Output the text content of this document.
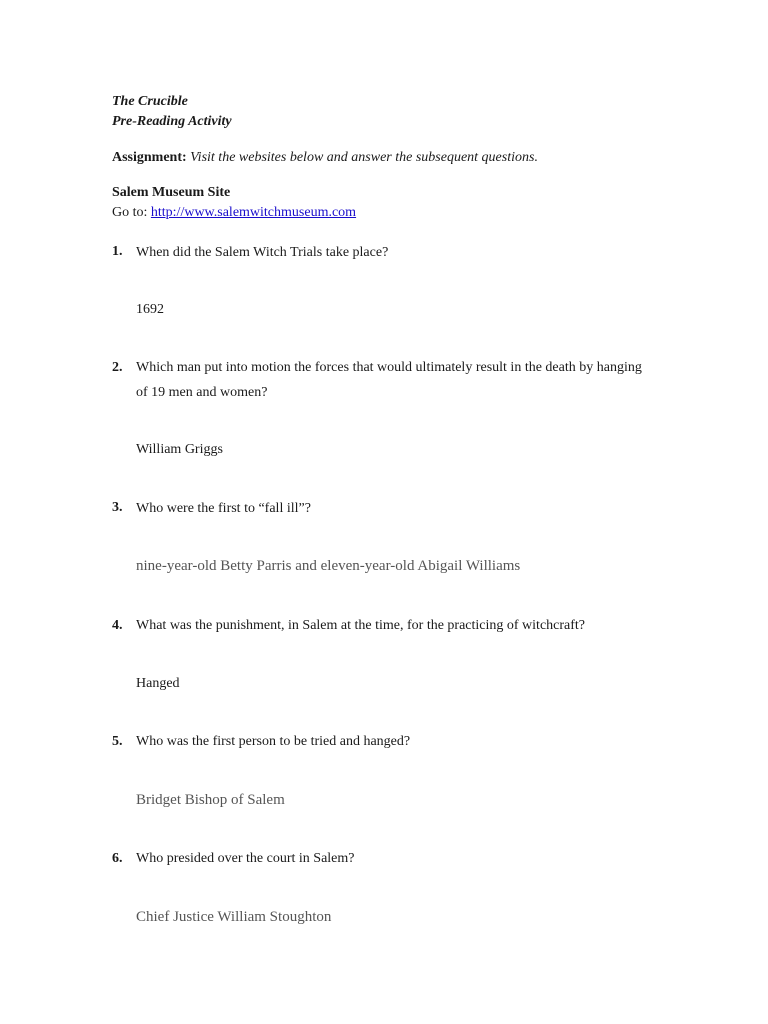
The Crucible
Pre-Reading Activity
Assignment: Visit the websites below and answer the subsequent questions.
Salem Museum Site
Go to: http://www.salemwitchmuseum.com
1. When did the Salem Witch Trials take place?
1692
2. Which man put into motion the forces that would ultimately result in the death by hanging of 19 men and women?
William Griggs
3. Who were the first to “fall ill”?
nine-year-old Betty Parris and eleven-year-old Abigail Williams
4. What was the punishment, in Salem at the time, for the practicing of witchcraft?
Hanged
5. Who was the first person to be tried and hanged?
Bridget Bishop of Salem
6. Who presided over the court in Salem?
Chief Justice William Stoughton
